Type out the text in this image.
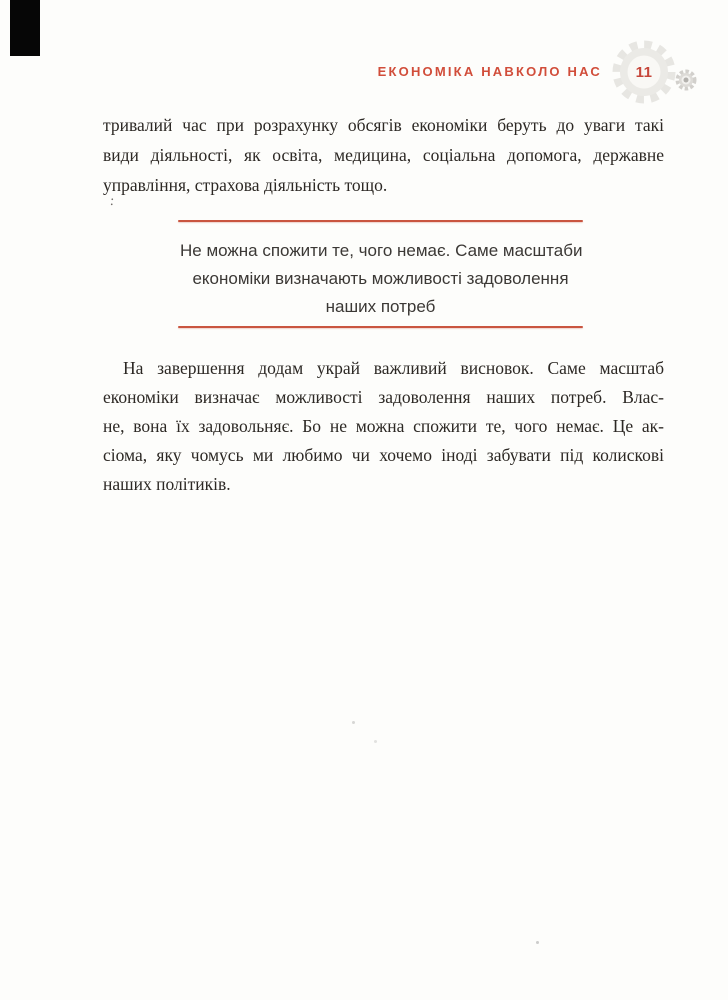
:
ЕКОНОМІКА НАВКОЛО НАС	11
тривалий час при розрахунку обсягів економіки беруть до уваги такі
види діяльності, як освіта, медицина, соціальна допомога, державне
управління, страхова діяльність тощо.
Не можна спожити те, чого немає. Саме масштаби
економіки визначають можливості задоволення
наших потреб
На завершення додам украй важливий висновок. Саме масштаб
економіки визначає можливості задоволення наших потреб. Влас-
не, вона їх задовольняє. Бо не можна спожити те, чого немає. Це ак-
сіома, яку чомусь ми любимо чи хочемо іноді забувати під колискові
наших політиків.
